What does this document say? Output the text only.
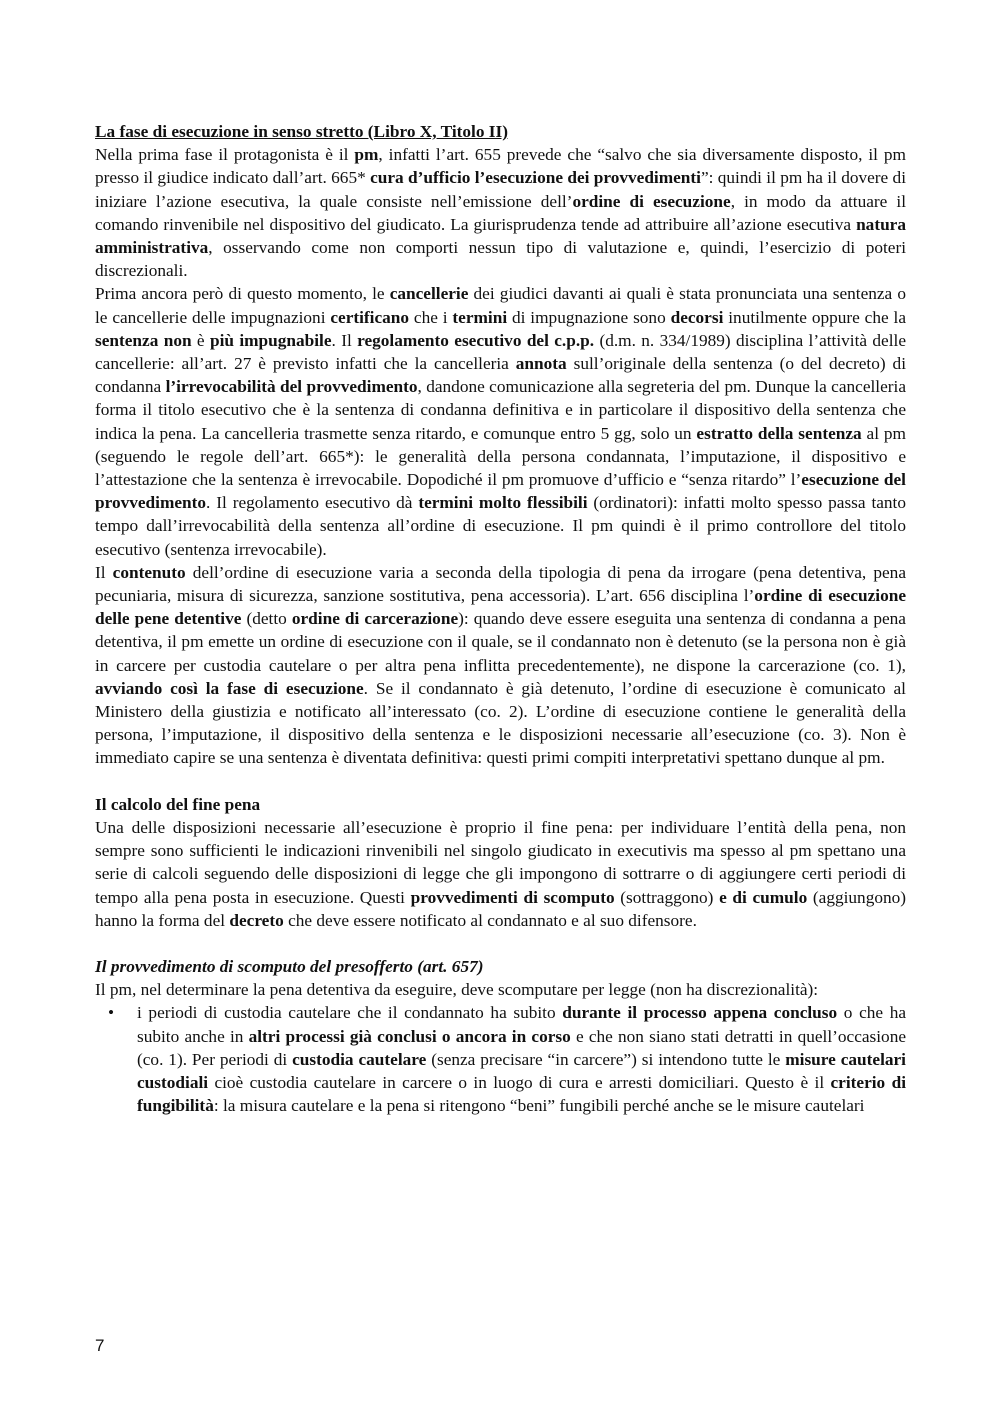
La fase di esecuzione in senso stretto (Libro X, Titolo II)

Nella prima fase il protagonista è il pm, infatti l’art. 655 prevede che “salvo che sia diversamente disposto, il pm presso il giudice indicato dall’art. 665* cura d’ufficio l’esecuzione dei provvedimenti”: quindi il pm ha il dovere di iniziare l’azione esecutiva, la quale consiste nell’emissione dell’ordine di esecuzione, in modo da attuare il comando rinvenibile nel dispositivo del giudicato. La giurisprudenza tende ad attribuire all’azione esecutiva natura amministrativa, osservando come non comporti nessun tipo di valutazione e, quindi, l’esercizio di poteri discrezionali.

Prima ancora però di questo momento, le cancellerie dei giudici davanti ai quali è stata pronunciata una sentenza o le cancellerie delle impugnazioni certificano che i termini di impugnazione sono decorsi inutilmente oppure che la sentenza non è più impugnabile. Il regolamento esecutivo del c.p.p. (d.m. n. 334/1989) disciplina l’attività delle cancellerie: all’art. 27 è previsto infatti che la cancelleria annota sull’originale della sentenza (o del decreto) di condanna l’irrevocabilità del provvedimento, dandone comunicazione alla segreteria del pm. Dunque la cancelleria forma il titolo esecutivo che è la sentenza di condanna definitiva e in particolare il dispositivo della sentenza che indica la pena. La cancelleria trasmette senza ritardo, e comunque entro 5 gg, solo un estratto della sentenza al pm (seguendo le regole dell’art. 665*): le generalità della persona condannata, l’imputazione, il dispositivo e l’attestazione che la sentenza è irrevocabile. Dopodiché il pm promuove d’ufficio e “senza ritardo” l’esecuzione del provvedimento. Il regolamento esecutivo dà termini molto flessibili (ordinatori): infatti molto spesso passa tanto tempo dall’irrevocabilità della sentenza all’ordine di esecuzione. Il pm quindi è il primo controllore del titolo esecutivo (sentenza irrevocabile).

Il contenuto dell’ordine di esecuzione varia a seconda della tipologia di pena da irrogare (pena detentiva, pena pecuniaria, misura di sicurezza, sanzione sostitutiva, pena accessoria). L’art. 656 disciplina l’ordine di esecuzione delle pene detentive (detto ordine di carcerazione): quando deve essere eseguita una sentenza di condanna a pena detentiva, il pm emette un ordine di esecuzione con il quale, se il condannato non è detenuto (se la persona non è già in carcere per custodia cautelare o per altra pena inflitta precedentemente), ne dispone la carcerazione (co. 1), avviando così la fase di esecuzione. Se il condannato è già detenuto, l’ordine di esecuzione è comunicato al Ministero della giustizia e notificato all’interessato (co. 2). L’ordine di esecuzione contiene le generalità della persona, l’imputazione, il dispositivo della sentenza e le disposizioni necessarie all’esecuzione (co. 3). Non è immediato capire se una sentenza è diventata definitiva: questi primi compiti interpretativi spettano dunque al pm.

Il calcolo del fine pena

Una delle disposizioni necessarie all’esecuzione è proprio il fine pena: per individuare l’entità della pena, non sempre sono sufficienti le indicazioni rinvenibili nel singolo giudicato in executivis ma spesso al pm spettano una serie di calcoli seguendo delle disposizioni di legge che gli impongono di sottrarre o di aggiungere certi periodi di tempo alla pena posta in esecuzione. Questi provvedimenti di scomputo (sottraggono) e di cumulo (aggiungono) hanno la forma del decreto che deve essere notificato al condannato e al suo difensore.

Il provvedimento di scomputo del presofferto (art. 657)

Il pm, nel determinare la pena detentiva da eseguire, deve scomputare per legge (non ha discrezionalità):

• i periodi di custodia cautelare che il condannato ha subito durante il processo appena concluso o che ha subito anche in altri processi già conclusi o ancora in corso e che non siano stati detratti in quell’occasione (co. 1). Per periodi di custodia cautelare (senza precisare “in carcere”) si intendono tutte le misure cautelari custodiali cioè custodia cautelare in carcere o in luogo di cura e arresti domiciliari. Questo è il criterio di fungibilità: la misura cautelare e la pena si ritengono “beni” fungibili perché anche se le misure cautelari
7
